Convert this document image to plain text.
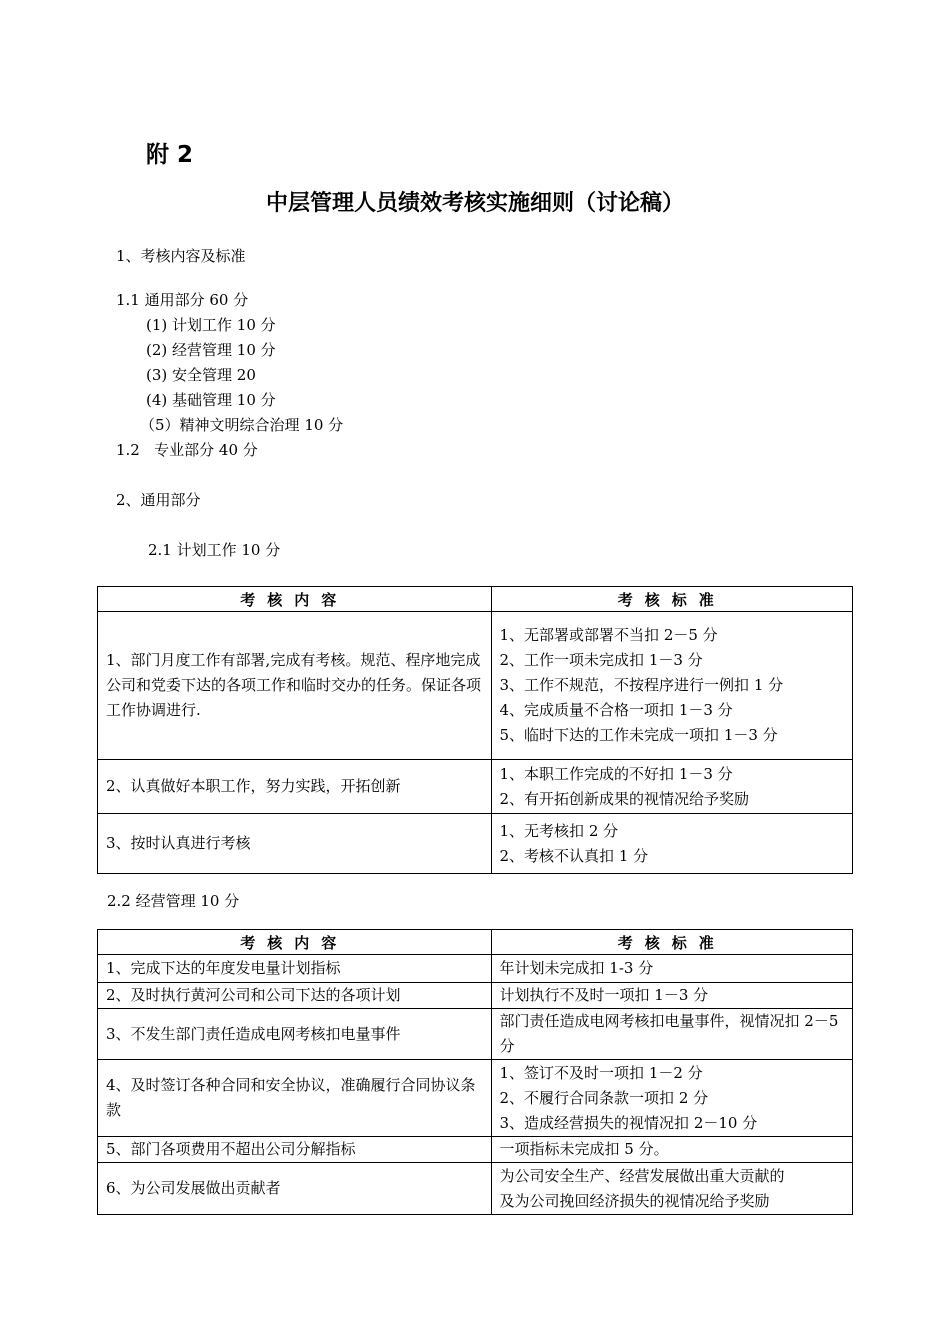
附 2
中层管理人员绩效考核实施细则（讨论稿）
1、考核内容及标准
1.1 通用部分 60 分
(1) 计划工作 10 分
(2) 经营管理 10 分
(3) 安全管理 20
(4) 基础管理 10 分
（5）精神文明综合治理 10 分
1.2   专业部分 40 分
2、通用部分
2.1 计划工作 10 分
考核内容	考核标准
1、部门月度工作有部署,完成有考核。规范、程序地完成公司和党委下达的各项工作和临时交办的任务。保证各项工作协调进行.	1、无部署或部署不当扣 2－5 分
2、工作一项未完成扣 1－3 分
3、工作不规范，不按程序进行一例扣 1 分
4、完成质量不合格一项扣 1－3 分
5、临时下达的工作未完成一项扣 1－3 分

2、认真做好本职工作，努力实践，开拓创新	1、本职工作完成的不好扣 1－3 分
2、有开拓创新成果的视情况给予奖励

3、按时认真进行考核	1、无考核扣 2 分
2、考核不认真扣 1 分
2.2 经营管理 10 分
考核内容	考核标准
1、完成下达的年度发电量计划指标	年计划未完成扣 1-3 分

2、及时执行黄河公司和公司下达的各项计划	计划执行不及时一项扣 1－3 分

3、不发生部门责任造成电网考核扣电量事件	部门责任造成电网考核扣电量事件，视情况扣 2－5 分
4、及时签订各种合同和安全协议，准确履行合同协议条款	1、签订不及时一项扣 1－2 分
2、不履行合同条款一项扣 2 分
3、造成经营损失的视情况扣 2－10 分

5、部门各项费用不超出公司分解指标	一项指标未完成扣 5 分。

6、为公司发展做出贡献者	为公司安全生产、经营发展做出重大贡献的
及为公司挽回经济损失的视情况给予奖励
